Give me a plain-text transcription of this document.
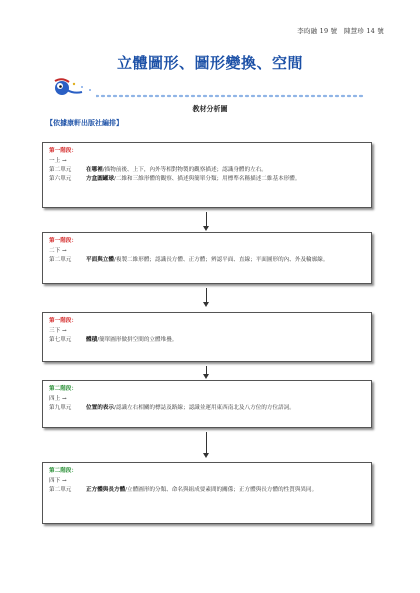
李昀融 19 號　陳慧珍 14 號
立體圖形、圖形變換、空間
教材分析圖
【依據康軒出版社編排】
第一階段：
一上 →
第二單元	在哪裡/描物前後、上下，內外等相對物製的觀察描述；認識身體的左右。
第六單元	方盒圓罐球/二維和三維形體的觀察、描述與簡單分類；用標準名稱描述二維基本形體。
第一階段：
二下 →
第二單元	平面與立體/複製二維形體；認識長方體、正方體；辨認平面、直線；平面圖形的內、外及輪廓線。
第一階段：
三下 →
第七單元	體積/簡單圖形做拼空間的立體堆疊。
第二階段：
四上 →
第九單元	位置的表示/認識左右相關的標誌及路線；認識並運用東西南北及八方位的方位語詞。
第二階段：
四下 →
第二單元	正方體與長方體/立體圖形的分類、命名與組成要素間的關係；正方體與長方體的性質與異同。
